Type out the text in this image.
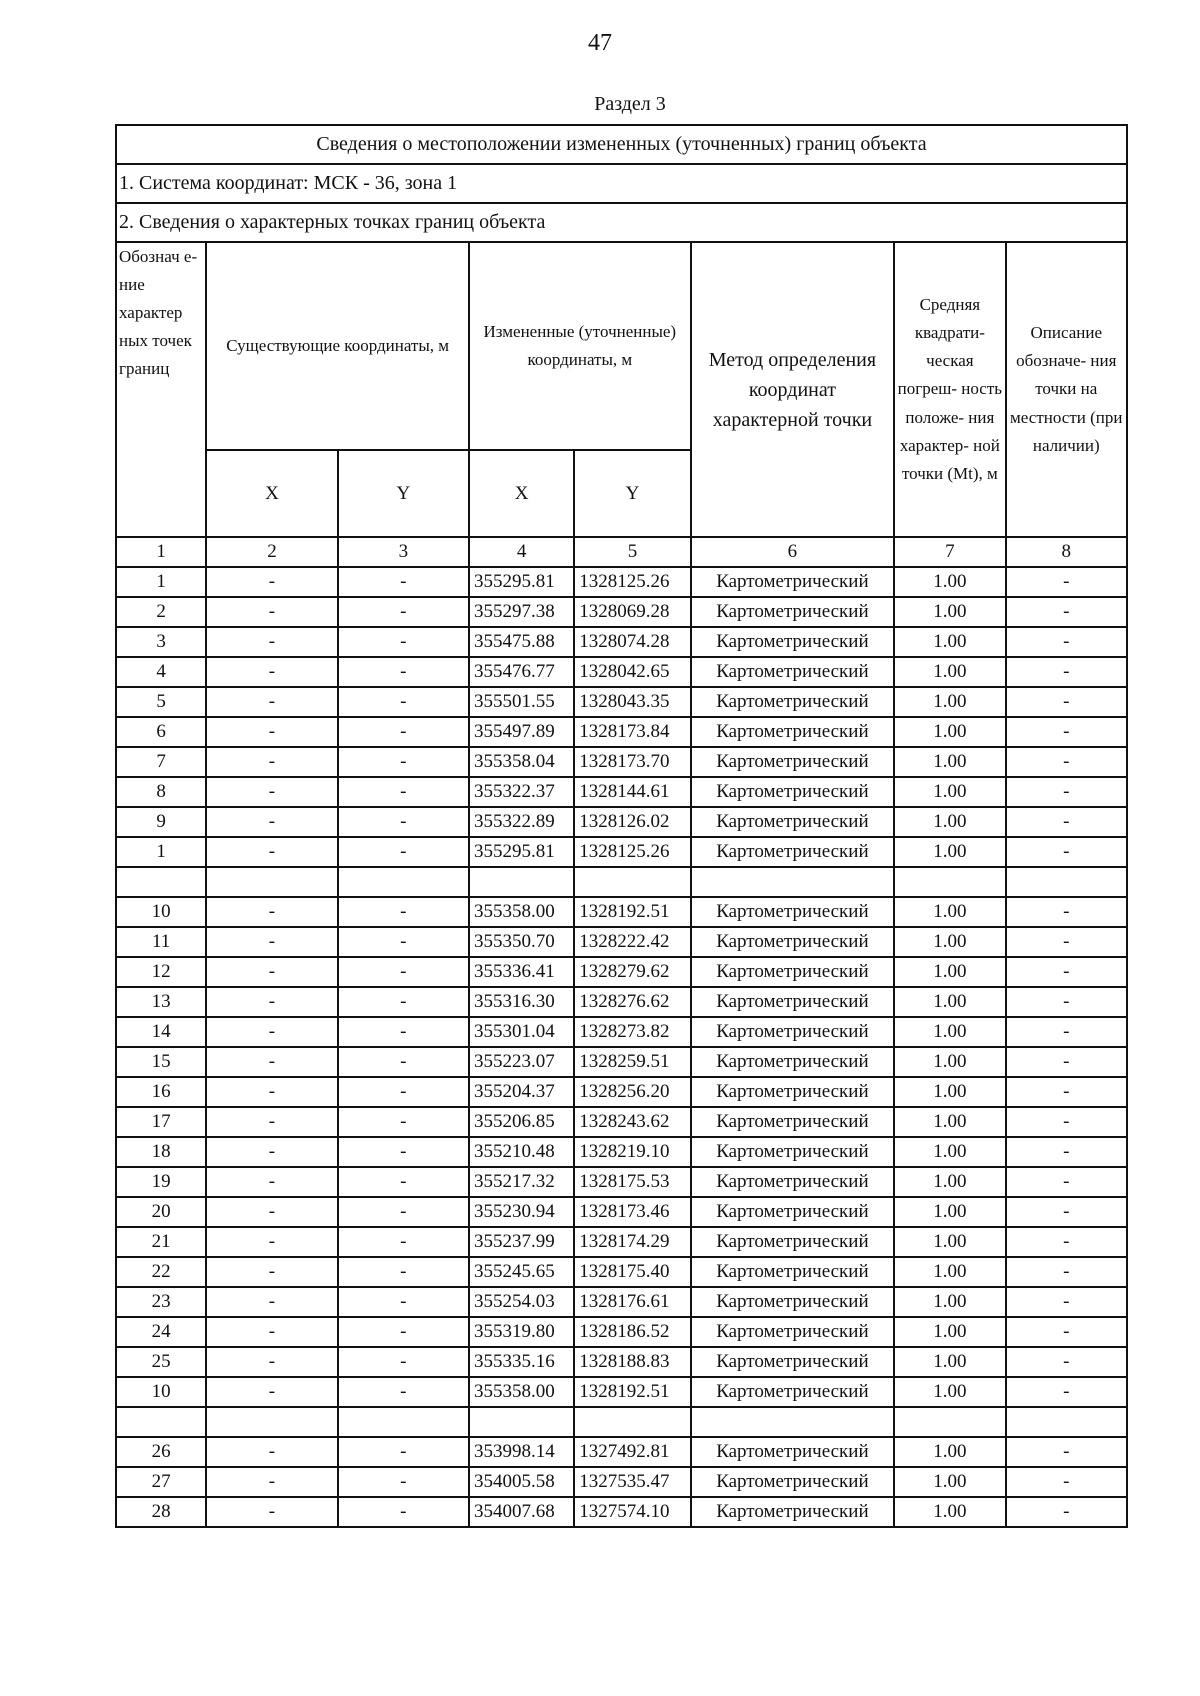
47
Раздел 3
Сведения о местоположении измененных (уточненных) границ объекта							
1. Система координат: МСК - 36, зона 1							
2. Сведения о характерных точках границ объекта							
Обознач е-ние характер ных точек границ	Существующие координаты, м		Измененные (уточненные) координаты, м		Метод определения координат характерной точки	Средняя квадрати- ческая погреш- ность положе- ния характер- ной точки (Mt), м	Описание обозначе- ния точки на местности (при наличии)
	X	Y	X	Y			
1	2	3	4	5	6	7	8
1	-	-	355295.81	1328125.26	Картометрический	1.00	-
2	-	-	355297.38	1328069.28	Картометрический	1.00	-
3	-	-	355475.88	1328074.28	Картометрический	1.00	-
4	-	-	355476.77	1328042.65	Картометрический	1.00	-
5	-	-	355501.55	1328043.35	Картометрический	1.00	-
6	-	-	355497.89	1328173.84	Картометрический	1.00	-
7	-	-	355358.04	1328173.70	Картометрический	1.00	-
8	-	-	355322.37	1328144.61	Картометрический	1.00	-
9	-	-	355322.89	1328126.02	Картометрический	1.00	-
1	-	-	355295.81	1328125.26	Картометрический	1.00	-

10	-	-	355358.00	1328192.51	Картометрический	1.00	-
11	-	-	355350.70	1328222.42	Картометрический	1.00	-
12	-	-	355336.41	1328279.62	Картометрический	1.00	-
13	-	-	355316.30	1328276.62	Картометрический	1.00	-
14	-	-	355301.04	1328273.82	Картометрический	1.00	-
15	-	-	355223.07	1328259.51	Картометрический	1.00	-
16	-	-	355204.37	1328256.20	Картометрический	1.00	-
17	-	-	355206.85	1328243.62	Картометрический	1.00	-
18	-	-	355210.48	1328219.10	Картометрический	1.00	-
19	-	-	355217.32	1328175.53	Картометрический	1.00	-
20	-	-	355230.94	1328173.46	Картометрический	1.00	-
21	-	-	355237.99	1328174.29	Картометрический	1.00	-
22	-	-	355245.65	1328175.40	Картометрический	1.00	-
23	-	-	355254.03	1328176.61	Картометрический	1.00	-
24	-	-	355319.80	1328186.52	Картометрический	1.00	-
25	-	-	355335.16	1328188.83	Картометрический	1.00	-
10	-	-	355358.00	1328192.51	Картометрический	1.00	-

26	-	-	353998.14	1327492.81	Картометрический	1.00	-
27	-	-	354005.58	1327535.47	Картометрический	1.00	-
28	-	-	354007.68	1327574.10	Картометрический	1.00	-
